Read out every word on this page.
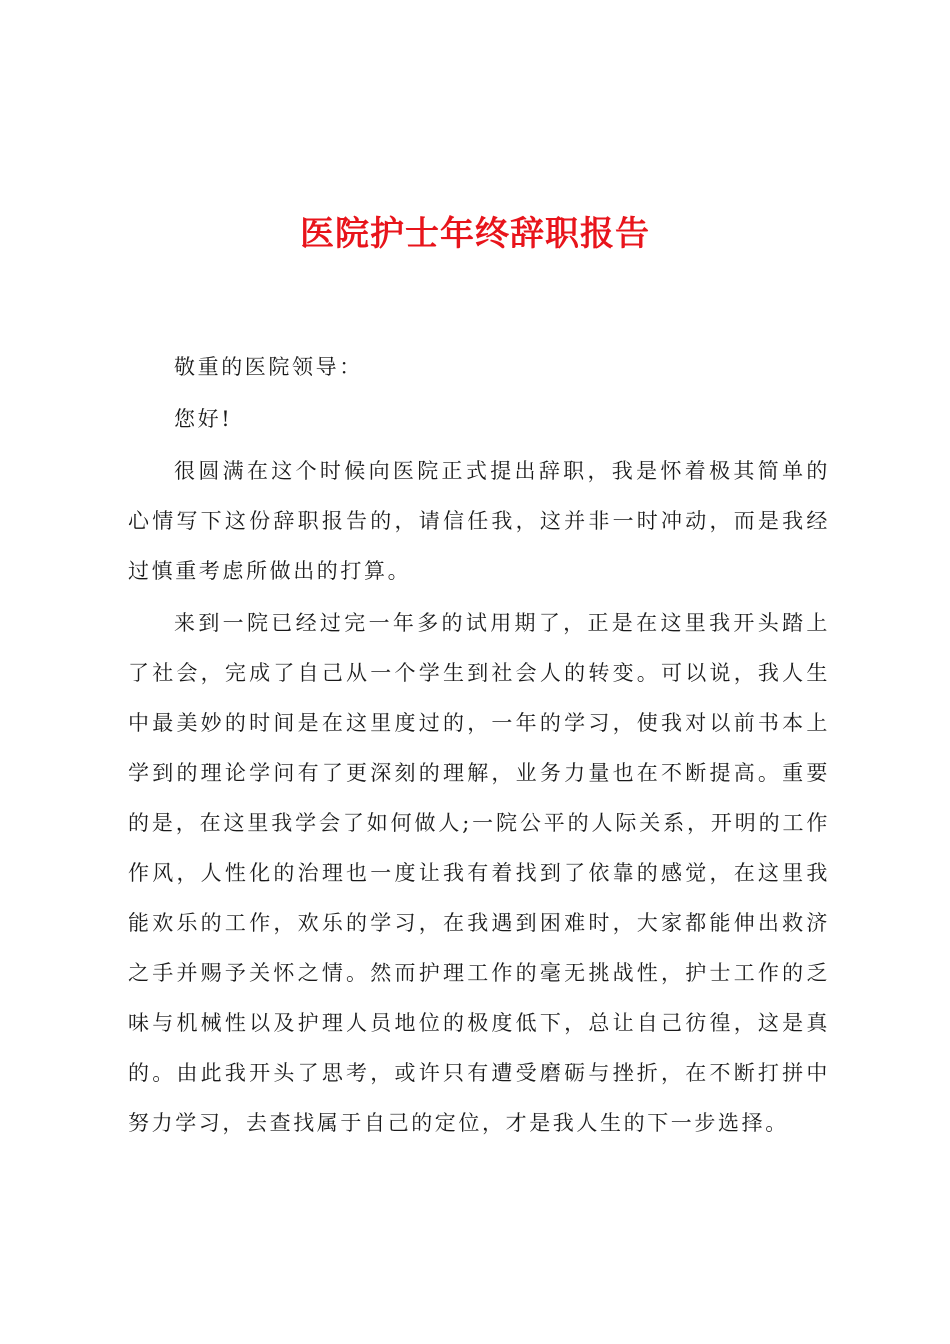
医院护士年终辞职报告

敬重的医院领导：

您好!

很圆满在这个时候向医院正式提出辞职，我是怀着极其简单的心情写下这份辞职报告的，请信任我，这并非一时冲动，而是我经过慎重考虑所做出的打算。

来到一院已经过完一年多的试用期了，正是在这里我开头踏上了社会，完成了自己从一个学生到社会人的转变。可以说，我人生中最美妙的时间是在这里度过的，一年的学习，使我对以前书本上学到的理论学问有了更深刻的理解，业务力量也在不断提高。重要的是，在这里我学会了如何做人;一院公平的人际关系，开明的工作作风，人性化的治理也一度让我有着找到了依靠的感觉，在这里我能欢乐的工作，欢乐的学习，在我遇到困难时，大家都能伸出救济之手并赐予关怀之情。然而护理工作的毫无挑战性，护士工作的乏味与机械性以及护理人员地位的极度低下，总让自己彷徨，这是真的。由此我开头了思考，或许只有遭受磨砺与挫折，在不断打拼中努力学习，去查找属于自己的定位，才是我人生的下一步选择。
